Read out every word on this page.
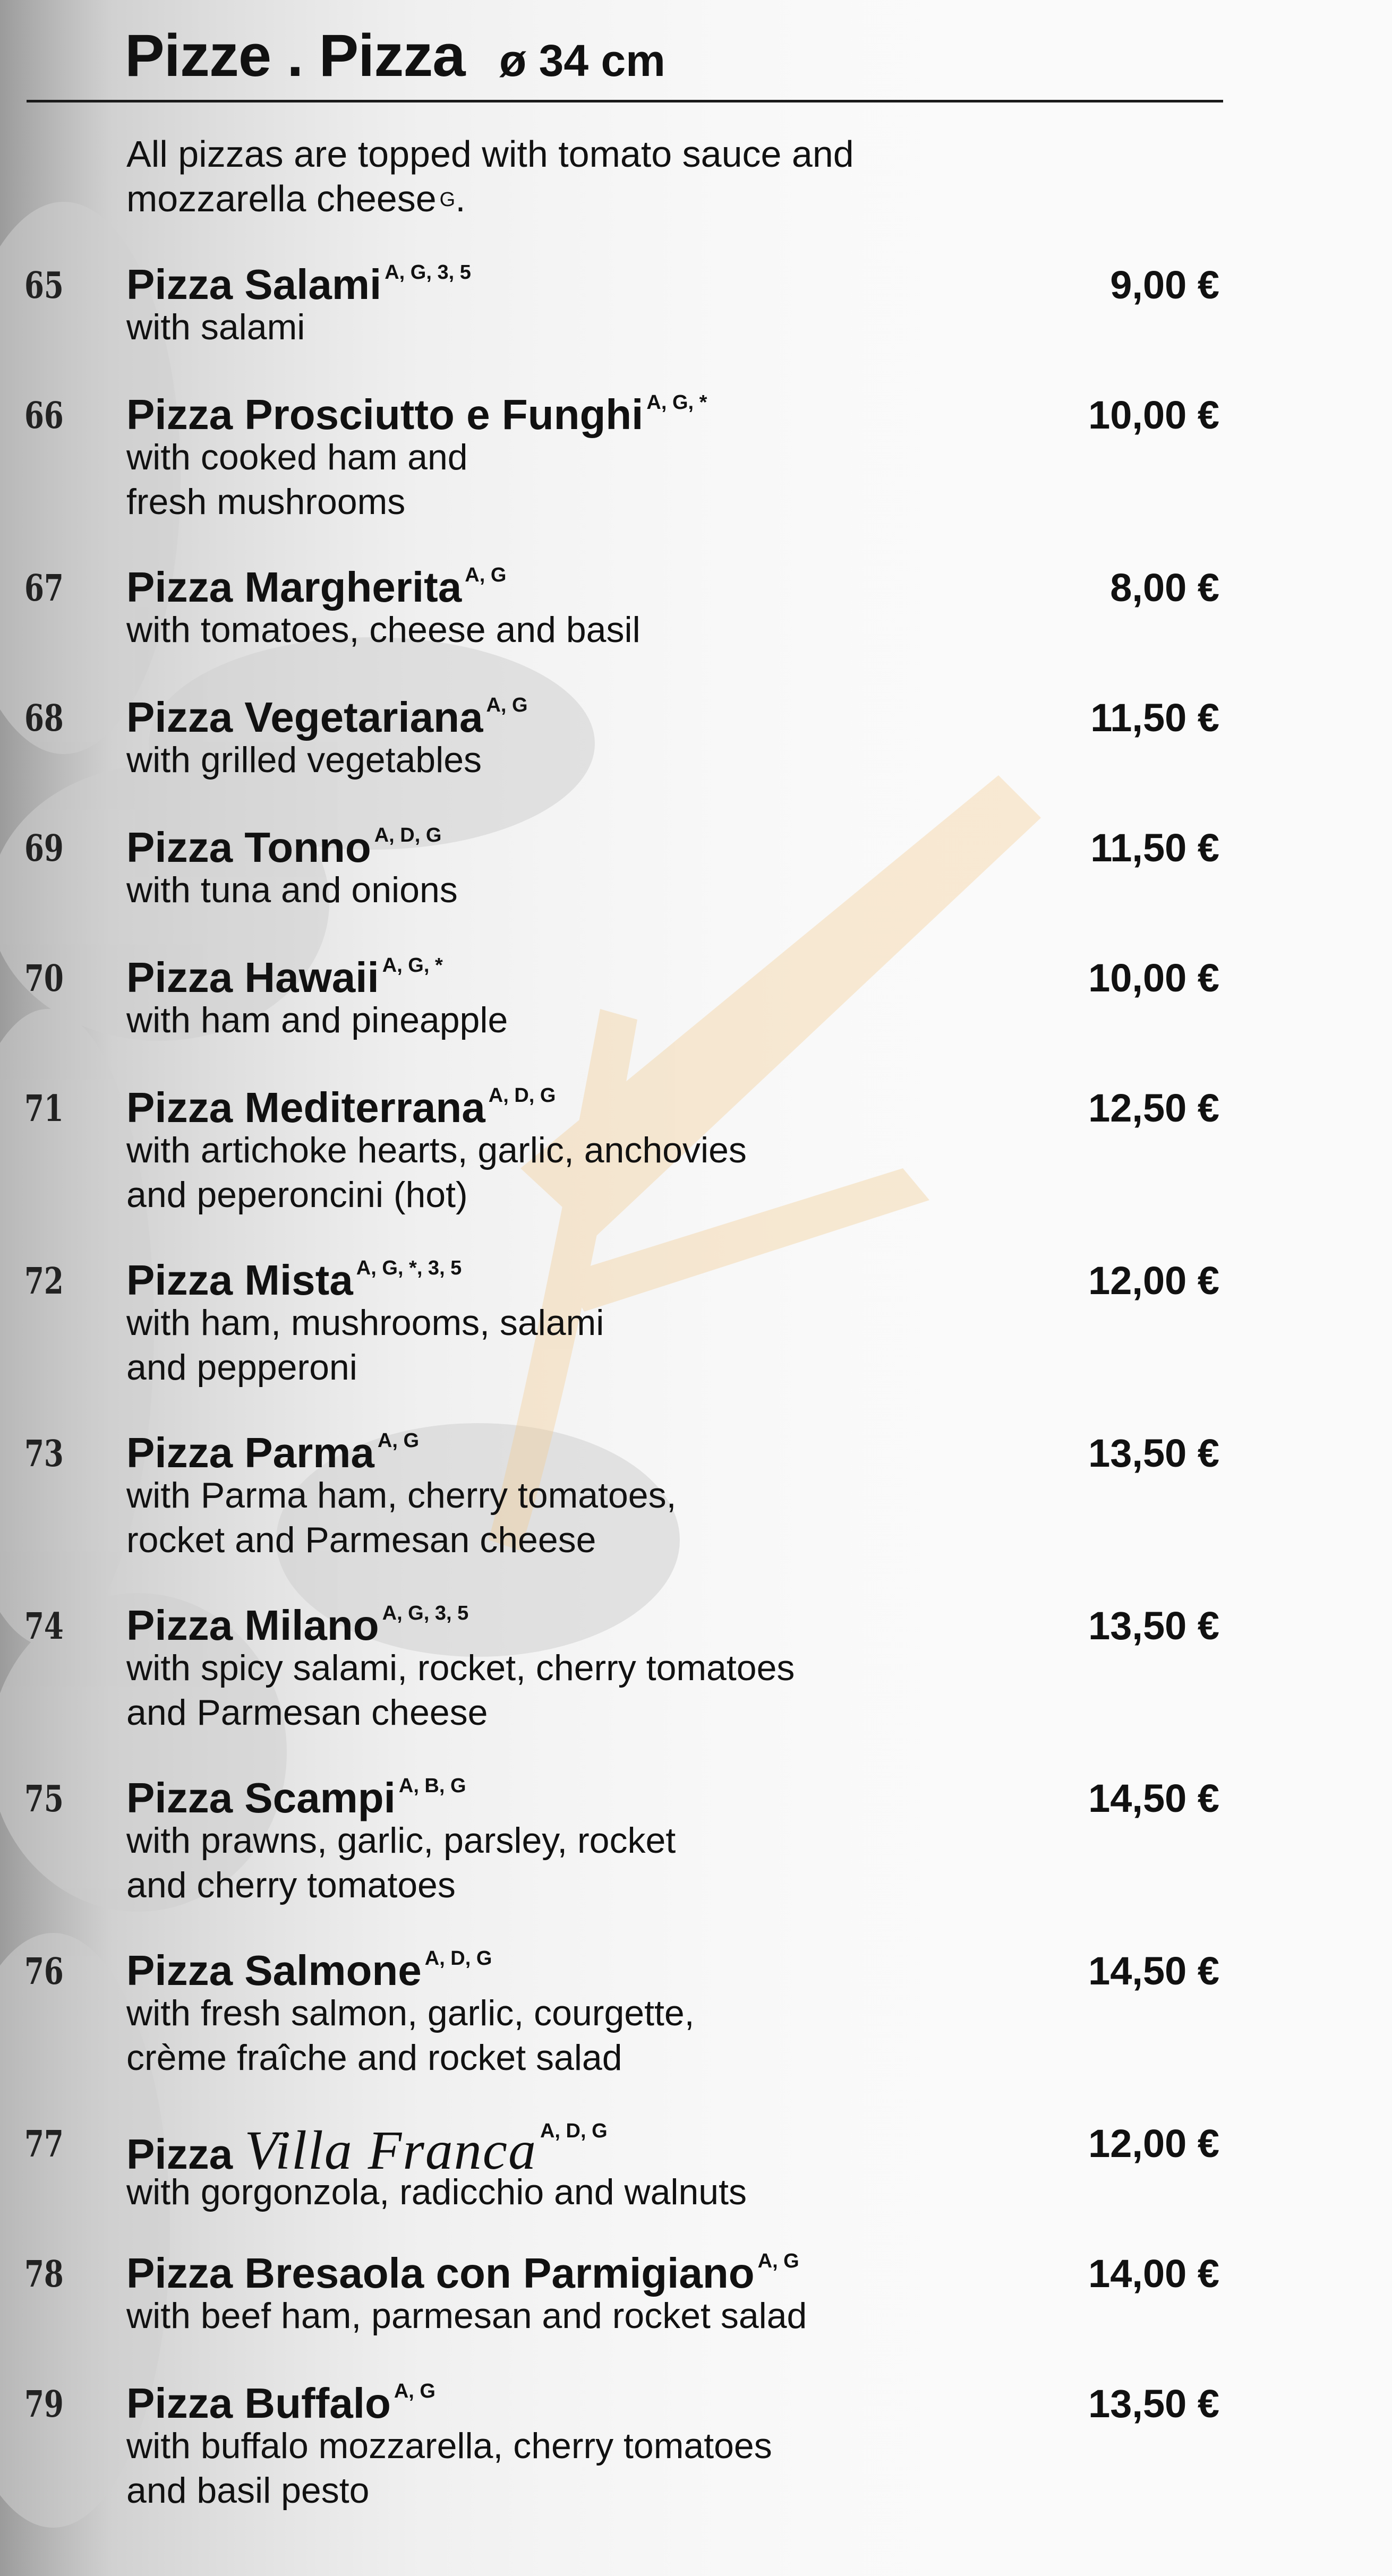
Pizze . Pizza ø 34 cm
All pizzas are topped with tomato sauce and mozzarella cheese $^G$.
65 Pizza Salami $^{A, G, 3, 5}$
with salami
9,00 €
66 Pizza Prosciutto e Funghi $^{A, G, *}$
with cooked ham and
fresh mushrooms
10,00 €
67 Pizza Margherita $^{A, G}$
with tomatoes, cheese and basil
8,00 €
68 Pizza Vegetariana $^{A, G}$
with grilled vegetables
11,50 €
69 Pizza Tonno $^{A, D, G}$
with tuna and onions
11,50 €
70 Pizza Hawaii $^{A, G, *}$
with ham and pineapple
10,00 €
71 Pizza Mediterrana $^{A, D, G}$
with artichoke hearts, garlic, anchovies
and peperoncini (hot)
12,50 €
72 Pizza Mista $^{A, G, *, 3, 5}$
with ham, mushrooms, salami
and pepperoni
12,00 €
73 Pizza Parma $^{A, G}$
with Parma ham, cherry tomatoes,
rocket and Parmesan cheese
13,50 €
74 Pizza Milano $^{A, G, 3, 5}$
with spicy salami, rocket, cherry tomatoes
and Parmesan cheese
13,50 €
75 Pizza Scampi $^{A, B, G}$
with prawns, garlic, parsley, rocket
and cherry tomatoes
14,50 €
76 Pizza Salmone $^{A, D, G}$
with fresh salmon, garlic, courgette,
crème fraîche and rocket salad
14,50 €
77 Pizza Villa Franca $^{A, D, G}$
with gorgonzola, radicchio and walnuts
12,00 €
78 Pizza Bresaola con Parmigiano $^{A, G}$
with beef ham, parmesan and rocket salad
14,00 €
79 Pizza Buffalo $^{A, G}$
with buffalo mozzarella, cherry tomatoes
and basil pesto
13,50 €
